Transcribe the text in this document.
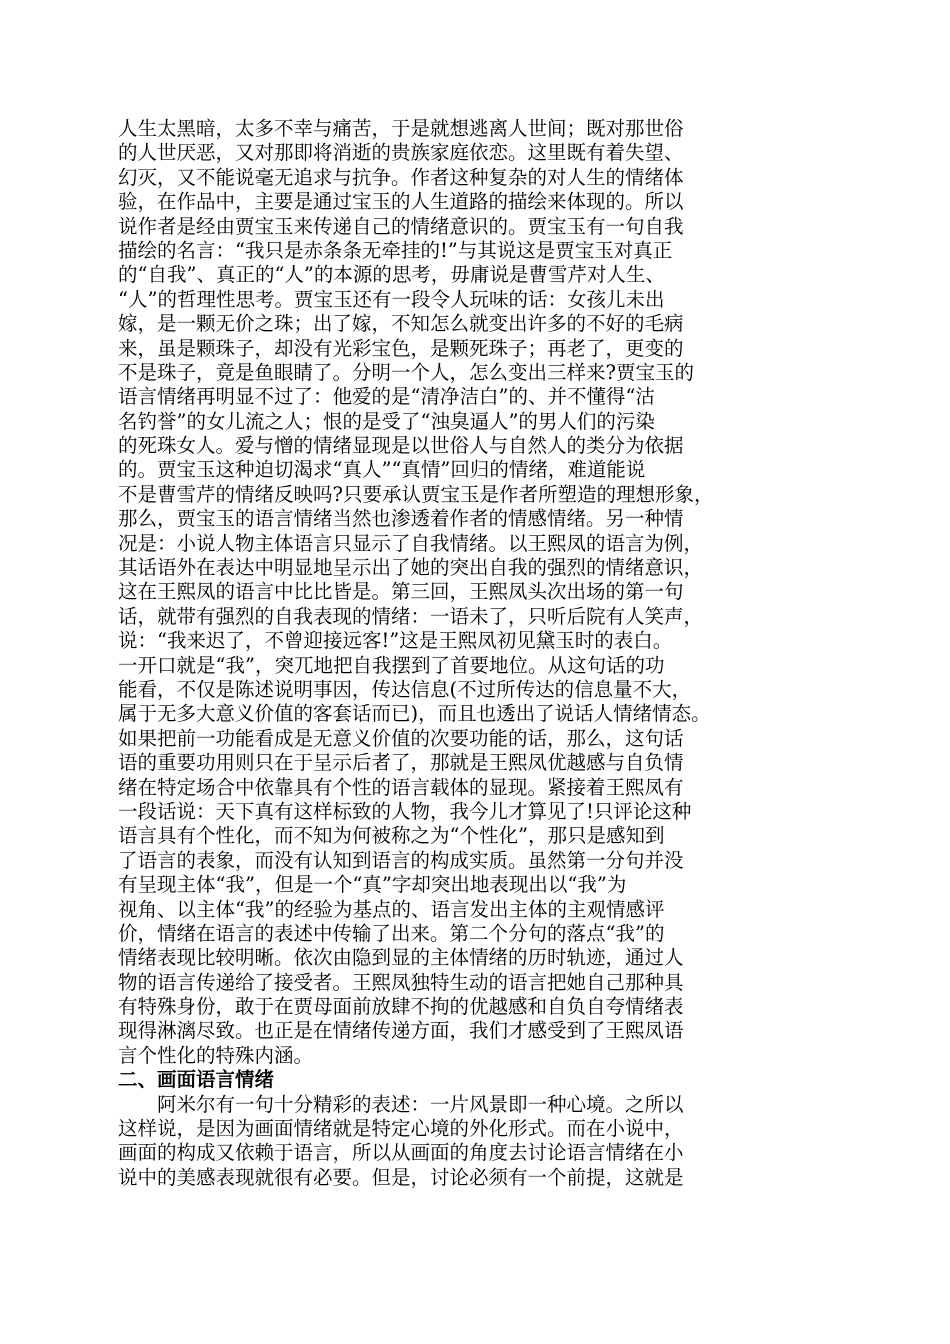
人生太黑暗，太多不幸与痛苦，于是就想逃离人世间；既对那世俗
的人世厌恶，又对那即将消逝的贵族家庭依恋。这里既有着失望、
幻灭，又不能说毫无追求与抗争。作者这种复杂的对人生的情绪体
验，在作品中，主要是通过宝玉的人生道路的描绘来体现的。所以
说作者是经由贾宝玉来传递自己的情绪意识的。贾宝玉有一句自我
描绘的名言：“我只是赤条条无牵挂的!”与其说这是贾宝玉对真正
的“自我”、真正的“人”的本源的思考，毋庸说是曹雪芹对人生、
“人”的哲理性思考。贾宝玉还有一段令人玩味的话：女孩儿未出
嫁，是一颗无价之珠；出了嫁，不知怎么就变出许多的不好的毛病
来，虽是颗珠子，却没有光彩宝色，是颗死珠子；再老了，更变的
不是珠子，竟是鱼眼睛了。分明一个人，怎么变出三样来?贾宝玉的
语言情绪再明显不过了：他爱的是“清净洁白”的、并不懂得“沽
名钓誉”的女儿流之人；恨的是受了“浊臭逼人”的男人们的污染
的死珠女人。爱与憎的情绪显现是以世俗人与自然人的类分为依据
的。贾宝玉这种迫切渴求“真人”“真情”回归的情绪，难道能说
不是曹雪芹的情绪反映吗?只要承认贾宝玉是作者所塑造的理想形象，
那么，贾宝玉的语言情绪当然也渗透着作者的情感情绪。另一种情
况是：小说人物主体语言只显示了自我情绪。以王熙凤的语言为例，
其话语外在表达中明显地呈示出了她的突出自我的强烈的情绪意识，
这在王熙凤的语言中比比皆是。第三回，王熙凤头次出场的第一句
话，就带有强烈的自我表现的情绪：一语未了，只听后院有人笑声，
说：“我来迟了，不曾迎接远客!”这是王熙凤初见黛玉时的表白。
一开口就是“我”，突兀地把自我摆到了首要地位。从这句话的功
能看，不仅是陈述说明事因，传达信息(不过所传达的信息量不大，
属于无多大意义价值的客套话而已)，而且也透出了说话人情绪情态。
如果把前一功能看成是无意义价值的次要功能的话，那么，这句话
语的重要功用则只在于呈示后者了，那就是王熙凤优越感与自负情
绪在特定场合中依靠具有个性的语言载体的显现。紧接着王熙凤有
一段话说：天下真有这样标致的人物，我今儿才算见了!只评论这种
语言具有个性化，而不知为何被称之为“个性化”，那只是感知到
了语言的表象，而没有认知到语言的构成实质。虽然第一分句并没
有呈现主体“我”，但是一个“真”字却突出地表现出以“我”为
视角、以主体“我”的经验为基点的、语言发出主体的主观情感评
价，情绪在语言的表述中传输了出来。第二个分句的落点“我”的
情绪表现比较明晰。依次由隐到显的主体情绪的历时轨迹，通过人
物的语言传递给了接受者。王熙凤独特生动的语言把她自己那种具
有特殊身份，敢于在贾母面前放肆不拘的优越感和自负自夸情绪表
现得淋漓尽致。也正是在情绪传递方面，我们才感受到了王熙凤语
言个性化的特殊内涵。
二、画面语言情绪
阿米尔有一句十分精彩的表述：一片风景即一种心境。之所以
这样说，是因为画面情绪就是特定心境的外化形式。而在小说中，
画面的构成又依赖于语言，所以从画面的角度去讨论语言情绪在小
说中的美感表现就很有必要。但是，讨论必须有一个前提，这就是
